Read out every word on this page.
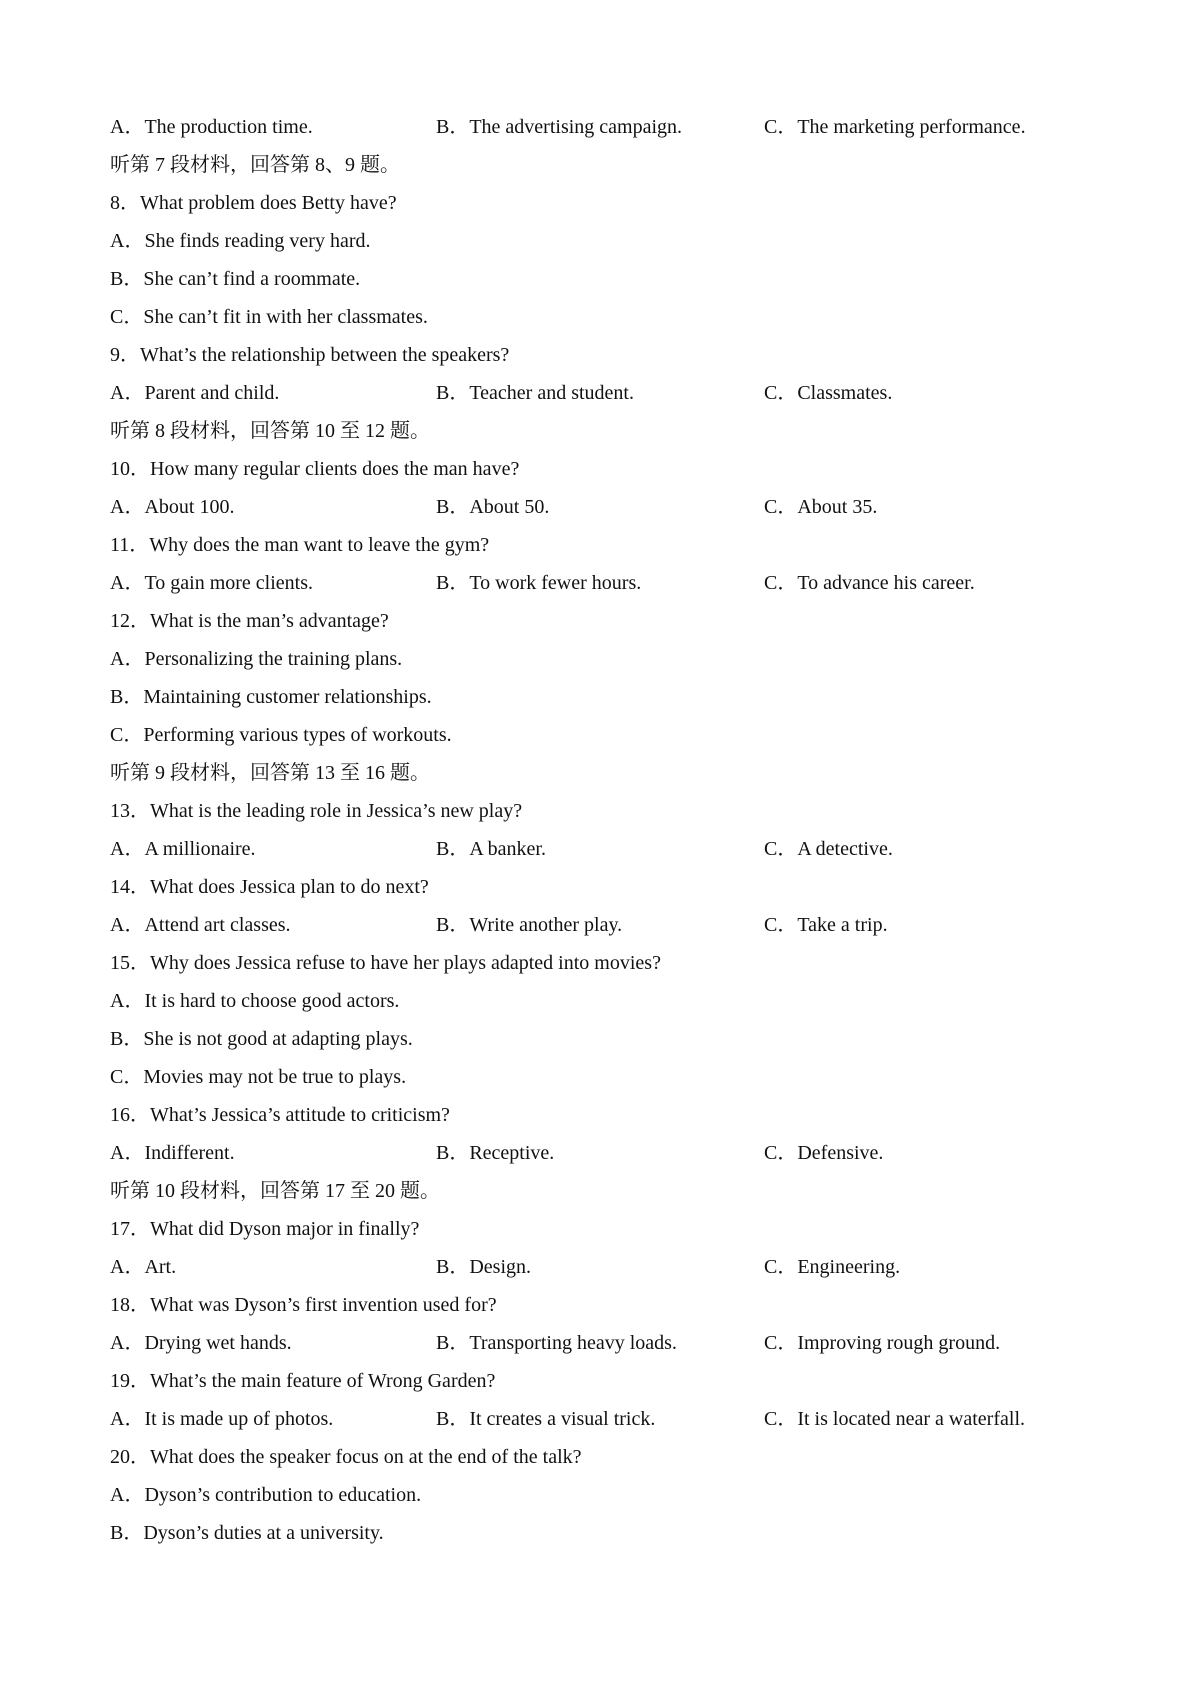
A．The production time.	B．The advertising campaign.	C．The marketing performance.
听第 7 段材料，回答第 8、9 题。
8．What problem does Betty have?
A．She finds reading very hard.
B．She can’t find a roommate.
C．She can’t fit in with her classmates.
9．What’s the relationship between the speakers?
A．Parent and child.	B．Teacher and student.	C．Classmates.
听第 8 段材料，回答第 10 至 12 题。
10．How many regular clients does the man have?
A．About 100.	B．About 50.	C．About 35.
11．Why does the man want to leave the gym?
A．To gain more clients.	B．To work fewer hours.	C．To advance his career.
12．What is the man’s advantage?
A．Personalizing the training plans.
B．Maintaining customer relationships.
C．Performing various types of workouts.
听第 9 段材料，回答第 13 至 16 题。
13．What is the leading role in Jessica’s new play?
A．A millionaire.	B．A banker.	C．A detective.
14．What does Jessica plan to do next?
A．Attend art classes.	B．Write another play.	C．Take a trip.
15．Why does Jessica refuse to have her plays adapted into movies?
A．It is hard to choose good actors.
B．She is not good at adapting plays.
C．Movies may not be true to plays.
16．What’s Jessica’s attitude to criticism?
A．Indifferent.	B．Receptive.	C．Defensive.
听第 10 段材料，回答第 17 至 20 题。
17．What did Dyson major in finally?
A．Art.	B．Design.	C．Engineering.
18．What was Dyson’s first invention used for?
A．Drying wet hands.	B．Transporting heavy loads.	C．Improving rough ground.
19．What’s the main feature of Wrong Garden?
A．It is made up of photos.	B．It creates a visual trick.	C．It is located near a waterfall.
20．What does the speaker focus on at the end of the talk?
A．Dyson’s contribution to education.
B．Dyson’s duties at a university.
